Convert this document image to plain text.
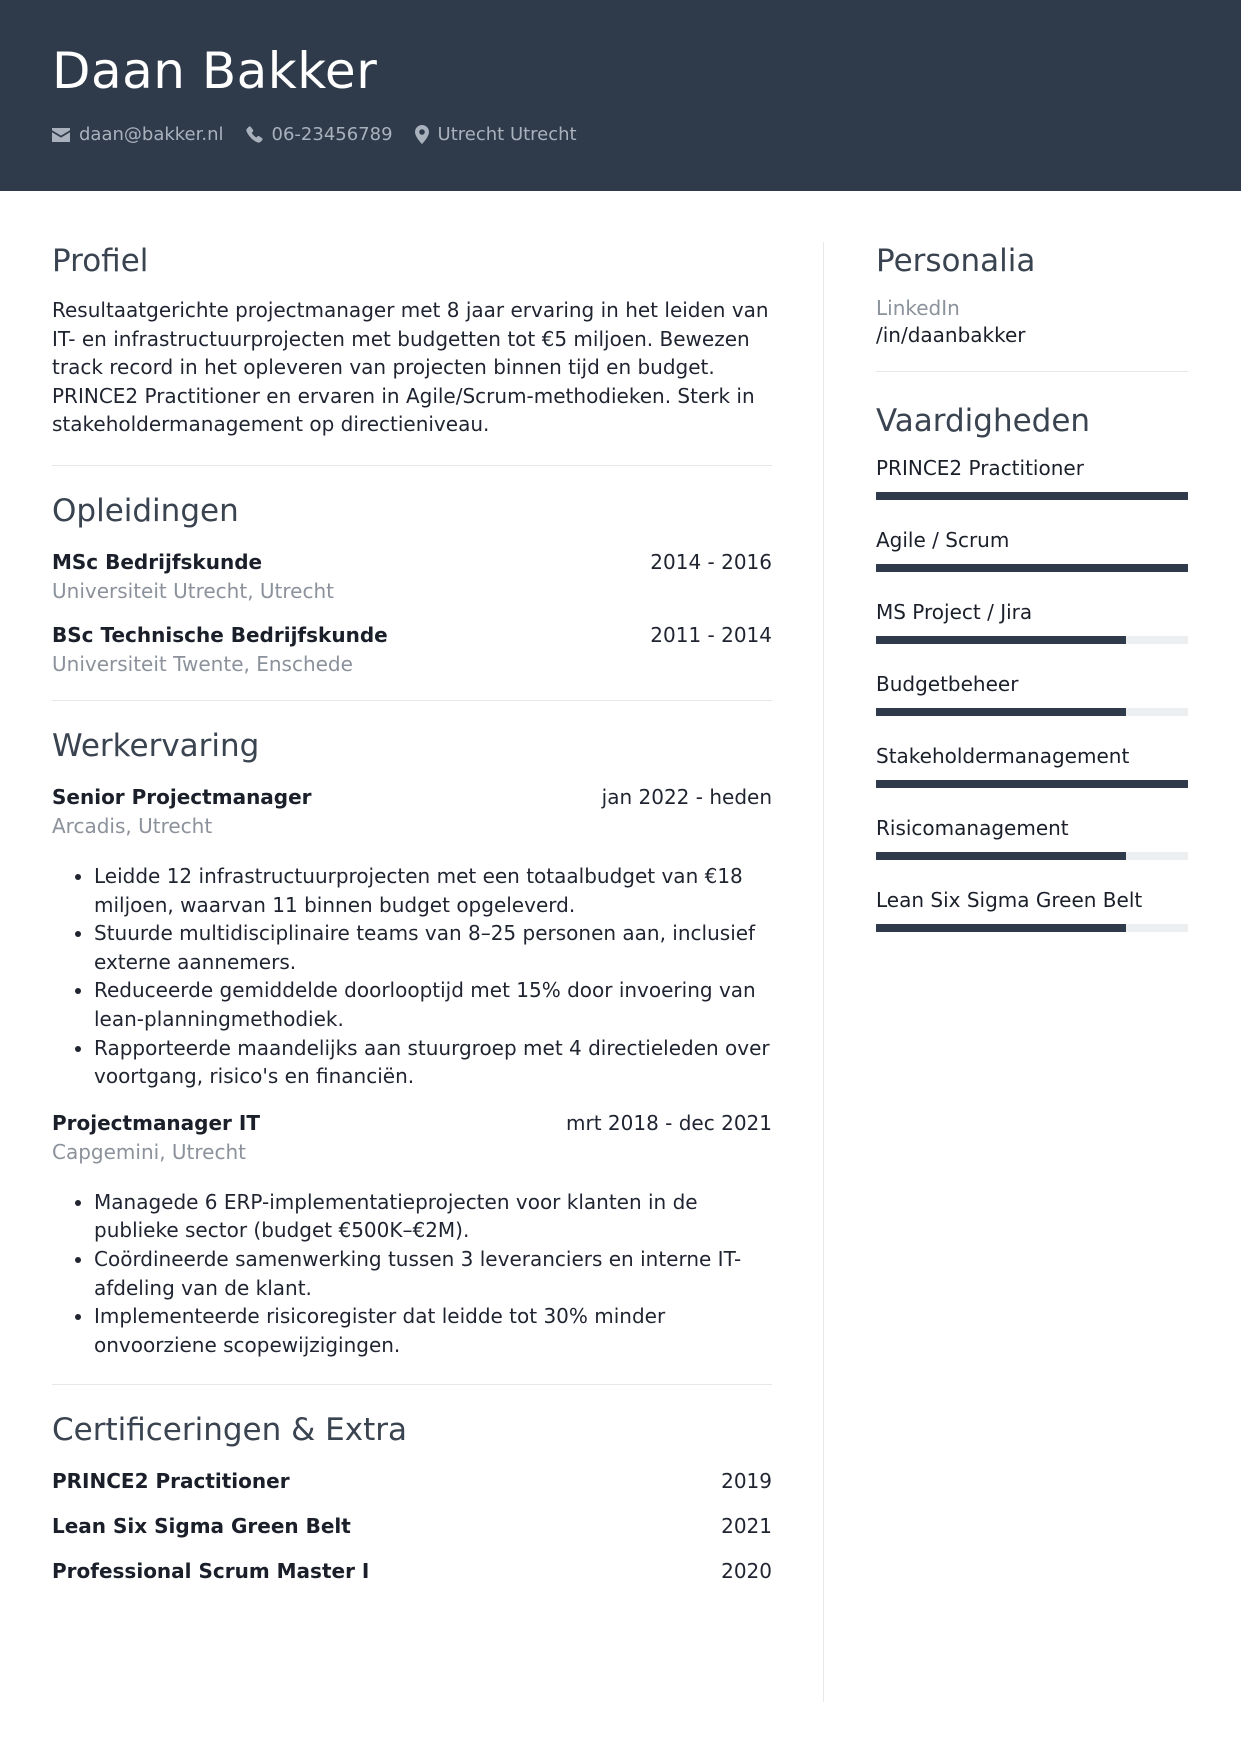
Daan Bakker
daan@bakker.nl	06-23456789	Utrecht Utrecht
Profiel

Resultaatgerichte projectmanager met 8 jaar ervaring in het leiden van IT- en infrastructuurprojecten met budgetten tot €5 miljoen. Bewezen track record in het opleveren van projecten binnen tijd en budget. PRINCE2 Practitioner en ervaren in Agile/Scrum-methodieken. Sterk in stakeholdermanagement op directieniveau.

Opleidingen
MSc Bedrijfskunde	2014 - 2016
Universiteit Utrecht, Utrecht
BSc Technische Bedrijfskunde	2011 - 2014
Universiteit Twente, Enschede
Werkervaring
Senior Projectmanager	jan 2022 - heden
Arcadis, Utrecht
• Leidde 12 infrastructuurprojecten met een totaalbudget van €18 miljoen, waarvan 11 binnen budget opgeleverd.
• Stuurde multidisciplinaire teams van 8–25 personen aan, inclusief externe aannemers.
• Reduceerde gemiddelde doorlooptijd met 15% door invoering van lean-planningmethodiek.
• Rapporteerde maandelijks aan stuurgroep met 4 directieleden over voortgang, risico's en financiën.
Projectmanager IT	mrt 2018 - dec 2021
Capgemini, Utrecht
• Managede 6 ERP-implementatieprojecten voor klanten in de publieke sector (budget €500K–€2M).
• Coördineerde samenwerking tussen 3 leveranciers en interne IT-afdeling van de klant.
• Implementeerde risicoregister dat leidde tot 30% minder onvoorziene scopewijzigingen.
Certificeringen & Extra
PRINCE2 Practitioner	2019
Lean Six Sigma Green Belt	2021
Professional Scrum Master I	2020
Personalia
LinkedIn
/in/daanbakker
Vaardigheden
PRINCE2 Practitioner
Agile / Scrum
MS Project / Jira
Budgetbeheer
Stakeholdermanagement
Risicomanagement
Lean Six Sigma Green Belt
